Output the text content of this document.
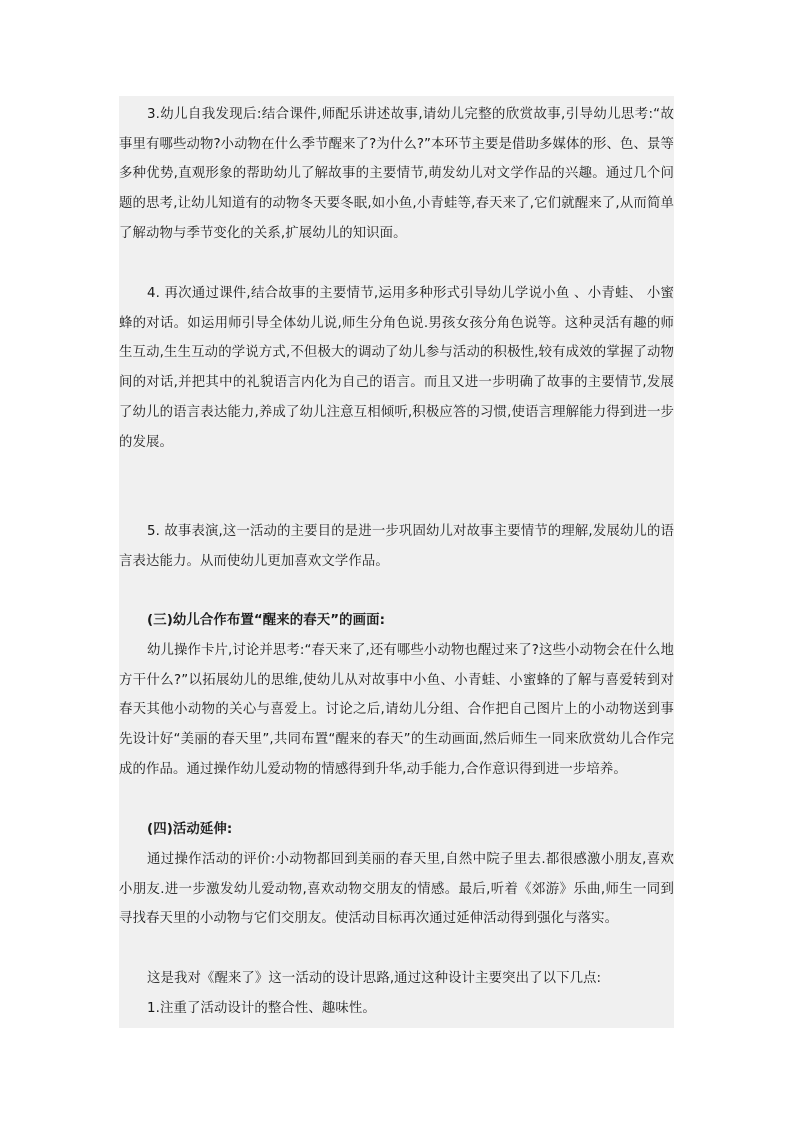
3.幼儿自我发现后:结合课件,师配乐讲述故事,请幼儿完整的欣赏故事,引导幼儿思考:“故事里有哪些动物?小动物在什么季节醒来了?为什么?”本环节主要是借助多媒体的形、色、景等多种优势,直观形象的帮助幼儿了解故事的主要情节,萌发幼儿对文学作品的兴趣。通过几个问题的思考,让幼儿知道有的动物冬天要冬眠,如小鱼,小青蛙等,春天来了,它们就醒来了,从而简单了解动物与季节变化的关系,扩展幼儿的知识面。

4. 再次通过课件,结合故事的主要情节,运用多种形式引导幼儿学说小鱼 、小青蛙、 小蜜蜂的对话。如运用师引导全体幼儿说,师生分角色说.男孩女孩分角色说等。这种灵活有趣的师生互动,生生互动的学说方式,不但极大的调动了幼儿参与活动的积极性,较有成效的掌握了动物间的对话,并把其中的礼貌语言内化为自己的语言。而且又进一步明确了故事的主要情节,发展了幼儿的语言表达能力,养成了幼儿注意互相倾听,积极应答的习惯,使语言理解能力得到进一步的发展。

5. 故事表演,这一活动的主要目的是进一步巩固幼儿对故事主要情节的理解,发展幼儿的语言表达能力。从而使幼儿更加喜欢文学作品。

(三)幼儿合作布置“醒来的春天”的画面:

幼儿操作卡片,讨论并思考:“春天来了,还有哪些小动物也醒过来了?这些小动物会在什么地方干什么?”以拓展幼儿的思维,使幼儿从对故事中小鱼、小青蛙、小蜜蜂的了解与喜爱转到对春天其他小动物的关心与喜爱上。讨论之后,请幼儿分组、合作把自己图片上的小动物送到事先设计好“美丽的春天里”,共同布置“醒来的春天”的生动画面,然后师生一同来欣赏幼儿合作完成的作品。通过操作幼儿爱动物的情感得到升华,动手能力,合作意识得到进一步培养。

(四)活动延伸:

通过操作活动的评价:小动物都回到美丽的春天里,自然中院子里去.都很感激小朋友,喜欢小朋友.进一步激发幼儿爱动物,喜欢动物交朋友的情感。最后,听着《郊游》乐曲,师生一同到寻找春天里的小动物与它们交朋友。使活动目标再次通过延伸活动得到强化与落实。

这是我对《醒来了》这一活动的设计思路,通过这种设计主要突出了以下几点:

1.注重了活动设计的整合性、趣味性。
